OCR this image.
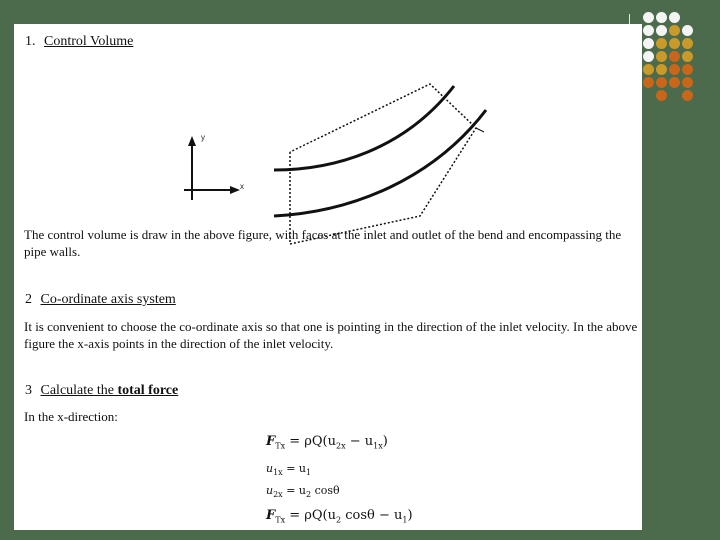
1. Control Volume
y
x

The control volume is draw in the above figure, with faces at the inlet and outlet of the bend and encompassing the pipe walls.

2 Co-ordinate axis system

It is convenient to choose the co-ordinate axis so that one is pointing in the direction of the inlet velocity. In the above figure the x-axis points in the direction of the inlet velocity.

3 Calculate the total force

In the x-direction:

$F_{Tx} = \rho Q(u_{2x} - u_{1x})$
$u_{1x} = u_1$
$u_{2x} = u_2$ cosθ
$F_{Tx} = \rho Q(u_2$ $\cos\theta - u_1$)
